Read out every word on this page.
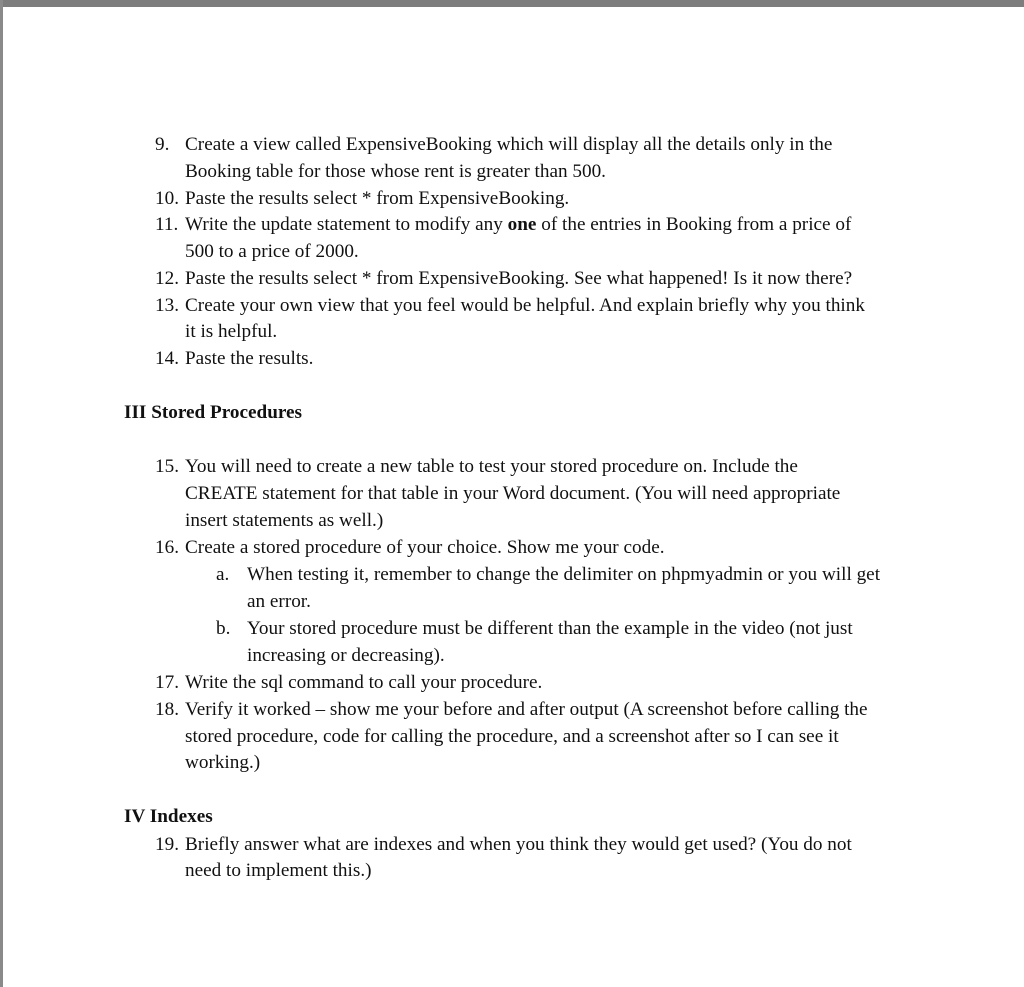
9. Create a view called ExpensiveBooking which will display all the details only in the
Booking table for those whose rent is greater than 500.
10. Paste the results select * from ExpensiveBooking.
11. Write the update statement to modify any one of the entries in Booking from a price of
500 to a price of 2000.
12. Paste the results select * from ExpensiveBooking. See what happened! Is it now there?
13. Create your own view that you feel would be helpful. And explain briefly why you think
it is helpful.
14. Paste the results.
III Stored Procedures
15. You will need to create a new table to test your stored procedure on. Include the
CREATE statement for that table in your Word document. (You will need appropriate
insert statements as well.)
16. Create a stored procedure of your choice. Show me your code.
a. When testing it, remember to change the delimiter on phpmyadmin or you will get
an error.
b. Your stored procedure must be different than the example in the video (not just
increasing or decreasing).
17. Write the sql command to call your procedure.
18. Verify it worked – show me your before and after output (A screenshot before calling the
stored procedure, code for calling the procedure, and a screenshot after so I can see it
working.)
IV Indexes
19. Briefly answer what are indexes and when you think they would get used? (You do not
need to implement this.)
